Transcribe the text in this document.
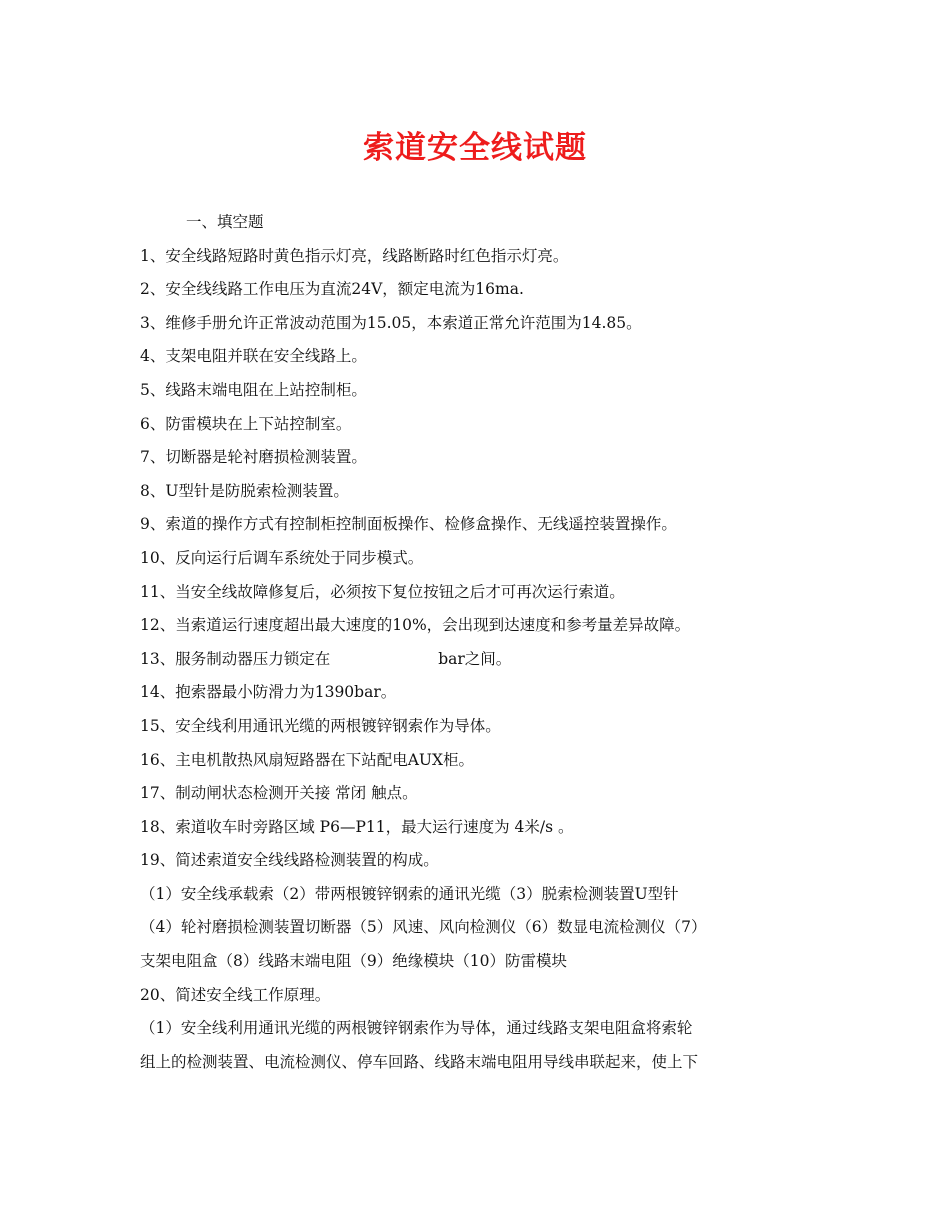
索道安全线试题
一、填空题
1、安全线路短路时黄色指示灯亮，线路断路时红色指示灯亮。
2、安全线线路工作电压为直流24V，额定电流为16ma.
3、维修手册允许正常波动范围为15.05，本索道正常允许范围为14.85。
4、支架电阻并联在安全线路上。
5、线路末端电阻在上站控制柜。
6、防雷模块在上下站控制室。
7、切断器是轮衬磨损检测装置。
8、U型针是防脱索检测装置。
9、索道的操作方式有控制柜控制面板操作、检修盒操作、无线遥控装置操作。
10、反向运行后调车系统处于同步模式。
11、当安全线故障修复后，必须按下复位按钮之后才可再次运行索道。
12、当索道运行速度超出最大速度的10%，会出现到达速度和参考量差异故障。
13、服务制动器压力锁定在	bar之间。
14、抱索器最小防滑力为1390bar。
15、安全线利用通讯光缆的两根镀锌钢索作为导体。
16、主电机散热风扇短路器在下站配电AUX柜。
17、制动闸状态检测开关接 常闭 触点。
18、索道收车时旁路区域 P6—P11，最大运行速度为 4米/s 。
19、简述索道安全线线路检测装置的构成。
（1）安全线承载索（2）带两根镀锌钢索的通讯光缆（3）脱索检测装置U型针
（4）轮衬磨损检测装置切断器（5）风速、风向检测仪（6）数显电流检测仪（7）
支架电阻盒（8）线路末端电阻（9）绝缘模块（10）防雷模块
20、简述安全线工作原理。
（1）安全线利用通讯光缆的两根镀锌钢索作为导体，通过线路支架电阻盒将索轮
组上的检测装置、电流检测仪、停车回路、线路末端电阻用导线串联起来，使上下
